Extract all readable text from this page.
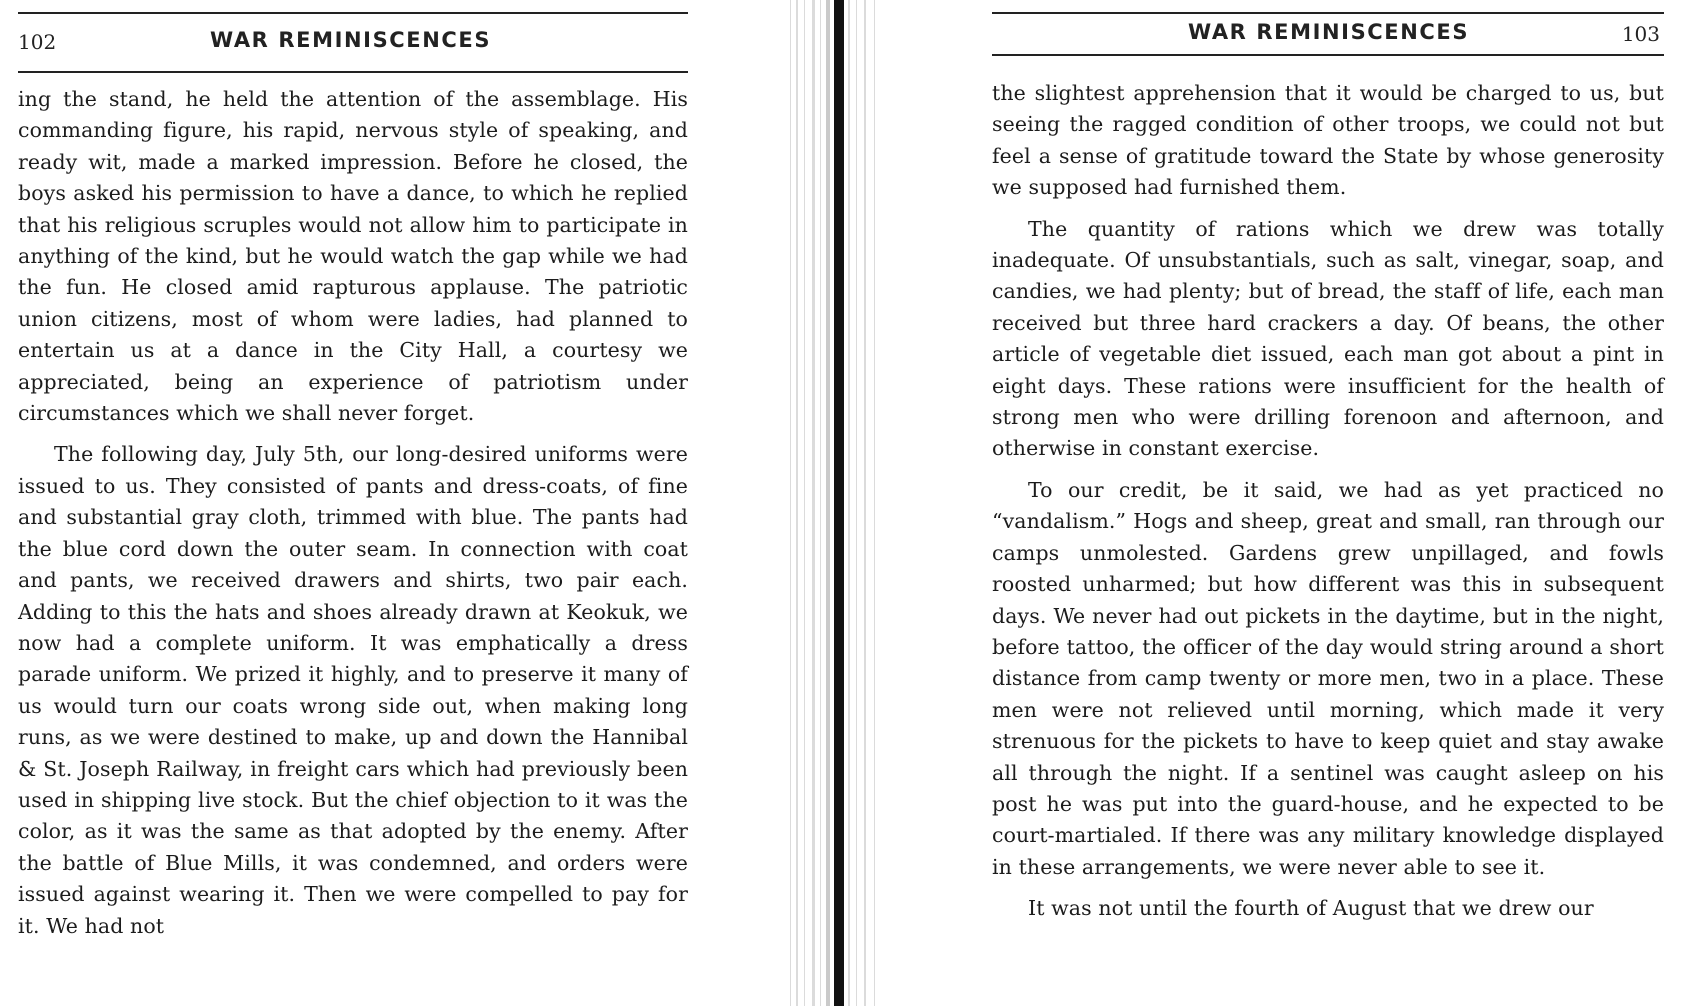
102	WAR REMINISCENCES

ing the stand, he held the attention of the assemblage. His commanding figure, his rapid, nervous style of speaking, and ready wit, made a marked impression. Before he closed, the boys asked his permission to have a dance, to which he replied that his religious scruples would not allow him to participate in anything of the kind, but he would watch the gap while we had the fun. He closed amid rapturous applause. The patriotic union citizens, most of whom were ladies, had planned to entertain us at a dance in the City Hall, a courtesy we appreciated, being an experience of patriotism under circumstances which we shall never forget.

The following day, July 5th, our long-desired uniforms were issued to us. They consisted of pants and dress-coats, of fine and substantial gray cloth, trimmed with blue. The pants had the blue cord down the outer seam. In connection with coat and pants, we received drawers and shirts, two pair each. Adding to this the hats and shoes already drawn at Keokuk, we now had a complete uniform. It was emphatically a dress parade uniform. We prized it highly, and to preserve it many of us would turn our coats wrong side out, when making long runs, as we were destined to make, up and down the Hannibal & St. Joseph Railway, in freight cars which had previously been used in shipping live stock. But the chief objection to it was the color, as it was the same as that adopted by the enemy. After the battle of Blue Mills, it was condemned, and orders were issued against wearing it. Then we were compelled to pay for it. We had not

WAR REMINISCENCES	103

the slightest apprehension that it would be charged to us, but seeing the ragged condition of other troops, we could not but feel a sense of gratitude toward the State by whose generosity we supposed had furnished them.

The quantity of rations which we drew was totally inadequate. Of unsubstantials, such as salt, vinegar, soap, and candies, we had plenty; but of bread, the staff of life, each man received but three hard crackers a day. Of beans, the other article of vegetable diet issued, each man got about a pint in eight days. These rations were insufficient for the health of strong men who were drilling forenoon and afternoon, and otherwise in constant exercise.

To our credit, be it said, we had as yet practiced no “vandalism.” Hogs and sheep, great and small, ran through our camps unmolested. Gardens grew unpillaged, and fowls roosted unharmed; but how different was this in subsequent days. We never had out pickets in the daytime, but in the night, before tattoo, the officer of the day would string around a short distance from camp twenty or more men, two in a place. These men were not relieved until morning, which made it very strenuous for the pickets to have to keep quiet and stay awake all through the night. If a sentinel was caught asleep on his post he was put into the guard-house, and he expected to be court-martialed. If there was any military knowledge displayed in these arrangements, we were never able to see it.

It was not until the fourth of August that we drew our
